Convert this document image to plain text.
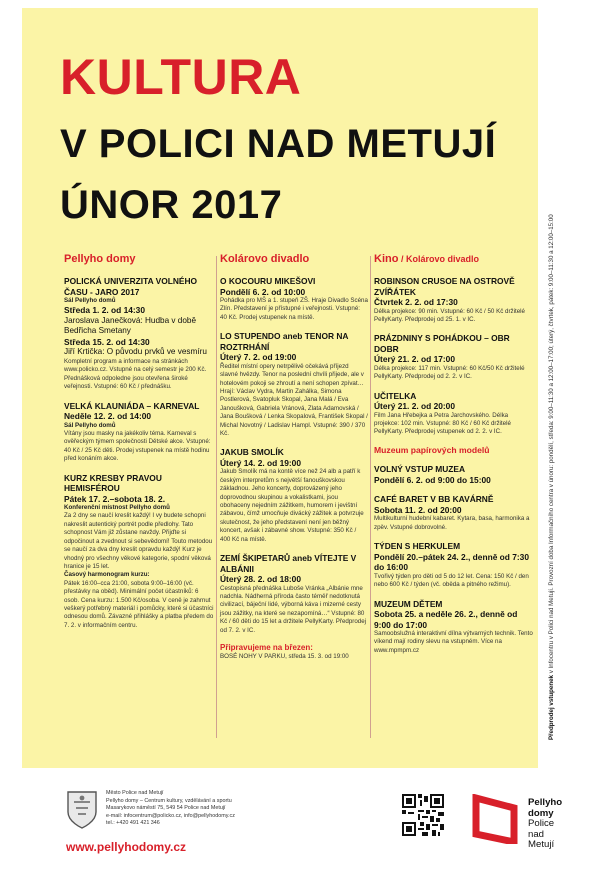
KULTURA
V POLICI NAD METUJÍ
ÚNOR 2017
Pellyho domy
POLICKÁ UNIVERZITA VOLNÉHO ČASU - JARO 2017
Sál Pellyho domů
Středa 1. 2. od 14:30
Jaroslava Janečková: Hudba v době Bedřicha Smetany
Středa 15. 2. od 14:30
Jiří Krtička: O původu prvků ve vesmíru
Kompletní program a informace na stránkách www.policko.cz. Vstupné na celý semestr je 200 Kč. Přednášková odpoledne jsou otevřena široké veřejnosti. Vstupné: 60 Kč / přednášku.
VELKÁ KLAUNIÁDA – KARNEVAL
Neděle 12. 2. od 14:00
Sál Pellyho domů
Vítány jsou masky na jakékoliv téma. Karneval s ověřeckým týmem společnosti Dětské akce. Vstupné: 40 Kč / 25 Kč děti. Prodej vstupenek na místě hodinu před konáním akce.
KURZ KRESBY PRAVOU HEMISFÉROU
Pátek 17. 2.–sobota 18. 2.
Konferenční místnost Pellyho domů
Za 2 dny se naučí kreslit každý! I vy budete schopni nakreslit autentický portrét podle předlohy. Tato schopnost Vám již zůstane navždy. Přijďte si odpočinout a zvednout si sebevědomí! Touto metodou se naučí za dva dny kreslit opravdu každý! Kurz je vhodný pro všechny věkové kategorie, spodní věková hranice je 15 let.
Časový harmonogram kurzu:
Pátek 16:00–cca 21:00, sobota 9:00–16:00 (vč. přestávky na oběd). Minimální počet účastníků: 6 osob. Cena kurzu: 1.500 Kč/osoba. V ceně je zahrnut veškerý potřebný materiál i pomůcky, které si účastníci odnesou domů. Závazné přihlášky a platba předem do 7. 2. v informačním centru.
Kolárovo divadlo
O KOCOURU MIKEŠOVI
Pondělí 6. 2. od 10:00
Pohádka pro MŠ a 1. stupeň ZŠ. Hraje Divadlo Scéna Zlín. Představení je přístupné i veřejnosti. Vstupné: 40 Kč. Prodej vstupenek na místě.
LO STUPENDO aneb TENOR NA ROZTRHÁNÍ
Úterý 7. 2. od 19:00
Ředitel místní opery netrpělivě očekává příjezd slavné hvězdy. Tenor na poslední chvíli přijede, ale v hotelovém pokoji se zhroutí a není schopen zpívat… Hrají: Václav Vydra, Martin Zahálka, Simona Postlerová, Svatopluk Skopal, Jana Malá / Eva Janoušková, Gabriela Vránová, Zlata Adamovská / Jana Boušková / Lenka Skopalová, František Skopal / Michal Novotný / Ladislav Hampl. Vstupné: 390 / 370 Kč.
JAKUB SMOLÍK
Úterý 14. 2. od 19:00
Jakub Smolík má na kontě více než 24 alb a patří k českým interpretům s největší fanouškovskou základnou. Jeho koncerty, doprovázený jeho doprovodnou skupinou a vokalistkami, jsou obohaceny nejedním zážitkem, humorem i jevištní zábavou, čímž umocňuje divácký zážitek a potvrzuje skutečnost, že jeho představení není jen běžný koncert, avšak i zábavné show. Vstupné: 350 Kč / 400 Kč na místě.
ZEMÍ ŠKIPETARŮ aneb VÍTEJTE V ALBÁNII
Úterý 28. 2. od 18:00
Cestopisná přednáška Luboše Vránka „Albánie mne nadchla. Nádherná příroda často téměř nedotknutá civilizací, báječní lidé, výborná káva i mizerné cesty jsou zážitky, na které se nezapomíná…“ Vstupné: 80 Kč / 60 děti do 15 let a držitele PellyKarty. Předprodej od 7. 2. v IC.
Připravujeme na březen:
BOSÉ NOHY V PARKU, středa 15. 3. od 19:00
Kino / Kolárovo divadlo
ROBINSON CRUSOE NA OSTROVĚ ZVÍŘÁTEK
Čtvrtek 2. 2. od 17:30
Délka projekce: 90 min. Vstupné: 60 Kč / 50 Kč držitelé PellyKarty. Předprodej od 25. 1. v IC.
PRÁZDNINY S POHÁDKOU – OBR DOBR
Úterý 21. 2. od 17:00
Délka projekce: 117 min. Vstupné: 60 Kč/50 Kč držitelé PellyKarty. Předprodej od 2. 2. v IC.
UČITELKA
Úterý 21. 2. od 20:00
Film Jana Hřebejka a Petra Jarchovského. Délka projekce: 102 min. Vstupné: 80 Kč / 60 Kč držitelé PellyKarty. Předprodej vstupenek od 2. 2. v IC.
Muzeum papírových modelů
VOLNÝ VSTUP MUZEA
Pondělí 6. 2. od 9:00 do 15:00
CAFÉ BARET V BB KAVÁRNĚ
Sobota 11. 2. od 20:00
Multikulturní hudební kabaret. Kytara, basa, harmonika a zpěv. Vstupné dobrovolné.
TÝDEN S HERKULEM
Pondělí 20.–pátek 24. 2., denně od 7:30 do 16:00
Tvořivý týden pro děti od 5 do 12 let. Cena: 150 Kč / den nebo 600 Kč / týden (vč. oběda a pitného režimu).
MUZEUM DĚTEM
Sobota 25. a neděle 26. 2., denně od 9:00 do 17:00
Samoobslužná interaktivní dílna výtvarných technik. Tento víkend mají rodiny slevu na vstupném. Více na www.mpmpm.cz
Předprodej vstupenek v Infocentru v Polici nad Metují. Provozní doba Informačního centra v únoru: pondělí, středa: 9:00–11:30 a 12:00–17:00; úterý, čtvrtek, pátek: 9:00–11:30 a 12:00–15:00
Město Police nad Metují
Pellyho domy – Centrum kultury, vzdělávání a sportu
Masarykovo náměstí 75, 549 54 Police nad Metují
e-mail: infocentrum@policko.cz, info@pellyhodomy.cz
tel.: +420 491 421 346
www.pellyhodomy.cz
Pellyho
domy
Police
nad
Metují
